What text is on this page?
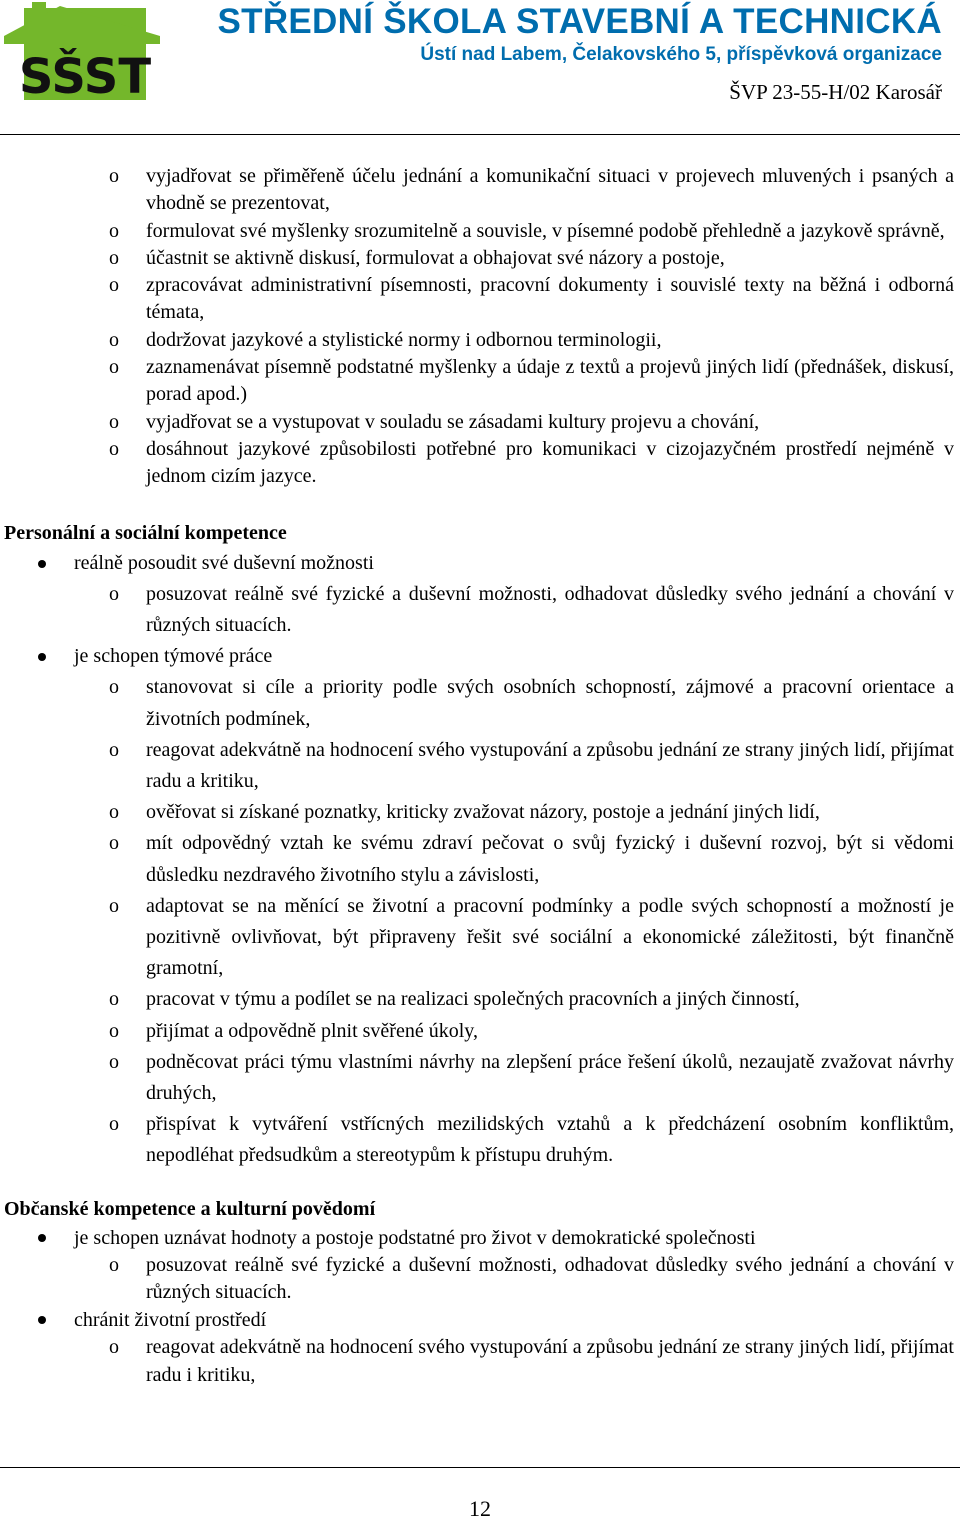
SŠST
STŘEDNÍ ŠKOLA STAVEBNÍ A TECHNICKÁ
Ústí nad Labem, Čelakovského 5, příspěvková organizace
ŠVP 23-55-H/02 Karosář
o vyjadřovat se přiměřeně účelu jednání a komunikační situaci v projevech mluvených i psaných a vhodně se prezentovat,
o formulovat své myšlenky srozumitelně a souvisle, v písemné podobě přehledně a jazykově správně,
o účastnit se aktivně diskusí, formulovat a obhajovat své názory a postoje,
o zpracovávat administrativní písemnosti, pracovní dokumenty i souvislé texty na běžná i odborná témata,
o dodržovat jazykové a stylistické normy i odbornou terminologii,
o zaznamenávat písemně podstatné myšlenky a údaje z textů a projevů jiných lidí (přednášek, diskusí, porad apod.)
o vyjadřovat se a vystupovat v souladu se zásadami kultury projevu a chování,
o dosáhnout jazykové způsobilosti potřebné pro komunikaci v cizojazyčném prostředí nejméně v jednom cizím jazyce.
Personální a sociální kompetence
reálně posoudit své duševní možnosti
o posuzovat reálně své fyzické a duševní možnosti, odhadovat důsledky svého jednání a chování v různých situacích.
je schopen týmové práce
o stanovovat si cíle a priority podle svých osobních schopností, zájmové a pracovní orientace a životních podmínek,
o reagovat adekvátně na hodnocení svého vystupování a způsobu jednání ze strany jiných lidí, přijímat radu a kritiku,
o ověřovat si získané poznatky, kriticky zvažovat názory, postoje a jednání jiných lidí,
o mít odpovědný vztah ke svému zdraví pečovat o svůj fyzický i duševní rozvoj, být si vědomi důsledku nezdravého životního stylu a závislosti,
o adaptovat se na měnící se životní a pracovní podmínky a podle svých schopností a možností je pozitivně ovlivňovat, být připraveny řešit své sociální a ekonomické záležitosti, být finančně gramotní,
o pracovat v týmu a podílet se na realizaci společných pracovních a jiných činností,
o přijímat a odpovědně plnit svěřené úkoly,
o podněcovat práci týmu vlastními návrhy na zlepšení práce řešení úkolů, nezaujatě zvažovat návrhy druhých,
o přispívat k vytváření vstřícných mezilidských vztahů a k předcházení osobním konfliktům, nepodléhat předsudkům a stereotypům k přístupu druhým.
Občanské kompetence a kulturní povědomí
je schopen uznávat hodnoty a postoje podstatné pro život v demokratické společnosti
o posuzovat reálně své fyzické a duševní možnosti, odhadovat důsledky svého jednání a chování v různých situacích.
chránit životní prostředí
o reagovat adekvátně na hodnocení svého vystupování a způsobu jednání ze strany jiných lidí, přijímat radu i kritiku,
12
